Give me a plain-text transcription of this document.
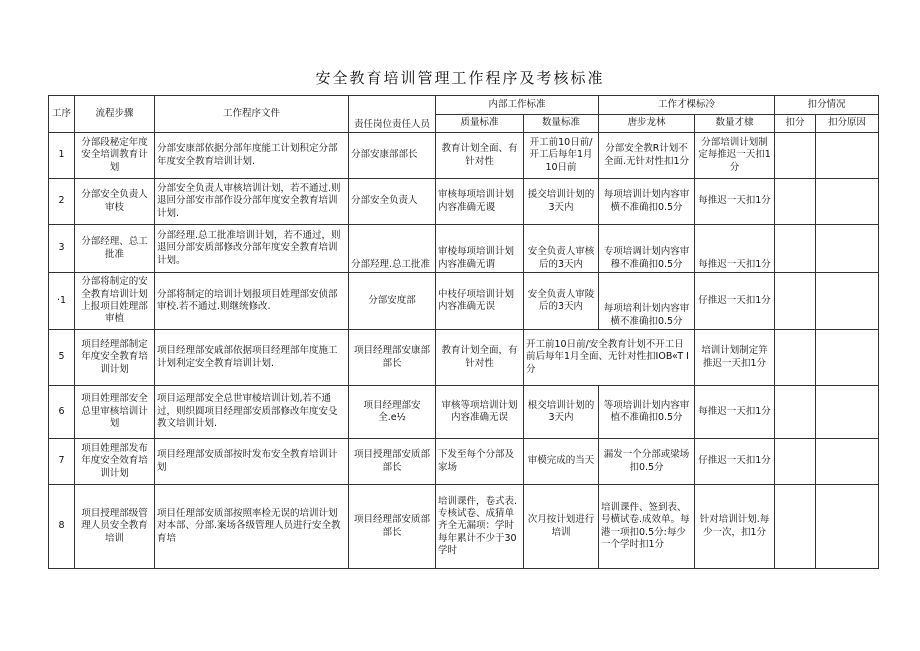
安全教育培训管理工作程序及考核标准
工序	流程步骤	工作程序文件	责任岗位责任人员	内部工作标准		工作才棵标冷		扣分情况	
				质量标准	数量标准	唐步龙林	数量才棣	扣分	扣分原因
1	分部段秘定年度安全培训教育计划	分部安康部依据分部年度能工计划积定分部年度安全教育培训计划.	分部安康部部长	教育计划全面、有针对性	开工前10日前/开工后每年1月10日前	分部安全教R计划不全面.无针对性扣1分	分部培训计划制定每推迟一天扣1分		
2	分部安全负责人审枝	分部安全负责人审核培训计划，若不通过.则退回分部安市部作设分部年度安全教育培训计划.	分部安全负责人	审核每项培训计划内容准确无谡	援交培训计划的3天内	每项培训计划内容审横不准确扣0.5分	每推迟一天扣1分		
3	分部经理、总工批准	分部经理.总工批准培训计划，若不通过，则退回分部安质部修改分部年度安全教育培训计划。	分部羟理.总工批准	审棱每项培训计划内容准确无谓	安全负责人审核后的3天内	专项培调计划内容审穆不准确扣0.5分	每推迟一天扣1分		
·1	分部将制定的安全教育培训计划上报项目姓理部审植	分部将制定的培训计划报项目姓理部安侦部审校.若不通过.则继统修改.	分部安度部	中枝仔项培训计划内容准确无误	安全负责人审陵后的3天内	每项培利计划内容审横不准确扣0.5分	仔推迟一天扣1分		
5	项目经理部制定年度安全教育培训计划	项目经理部安戚部依据项目经理部年度施工计划利定安全教育培训计划.	项目经理部安康部部长	教育计划全面，有针对性	开工前10日前/安全教育计划不开工日前后每年1月全面、无针对性扣IOB«T I分		培训计划制定笄推迟一天扣1分		
6	项目姓理部安全总里审核培训计划	项目运理部安全总世审棱培训计划,若不通过，则织圆项目经理部安质部修改年度安殳教文培训计划.	项目经理部安全.e½	审核等项培训计划内容准确无误	根交培训计划的3天内	等项培训计划内容审植不准确扣0.5分	每推迟一天扣1分		
7	项目姓理部发布年度安全效育培训计划	项目经理部安质部按时发布安全教育培训计划	项目授理部安质部部长	下发至每个分部及家场	审模完成的当天	漏发一个分部或梁场扣0.5分	仔推迟一天扣1分		
8	项目授理部级管理人员安全教育培训	项目任理部安质部按照率检无误的培训计划对本部、分部.案场各级管理人员进行安全教育培	项目经理部安质部部长	培训课件，卷式表.专核试卷、成猜单齐全无漏项：学时每年累计不少于30学时	次月按计划进行培训	培训课件、签到表、号横试卷.成效单。每港一项扣0.5分:每少一个学时扣1分	针对培训计划.每少一次，扣1分		
